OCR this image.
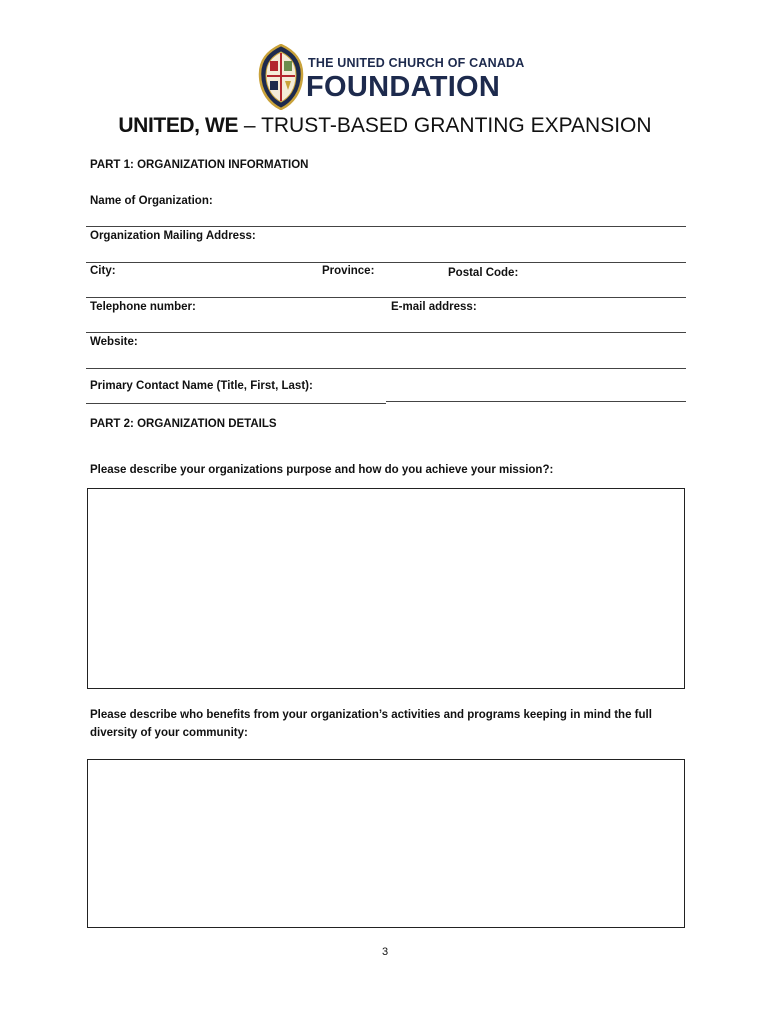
THE UNITED CHURCH OF CANADA
FOUNDATION
UNITED, WE – TRUST-BASED GRANTING EXPANSION
PART 1: ORGANIZATION INFORMATION
Name of Organization:
Organization Mailing Address:
City:	Province:	Postal Code:
Telephone number:	E-mail address:
Website:
Primary Contact Name (Title, First, Last):
PART 2: ORGANIZATION DETAILS
Please describe your organizations purpose and how do you achieve your mission?:
Please describe who benefits from your organization’s activities and programs keeping in mind the full
diversity of your community:
3
